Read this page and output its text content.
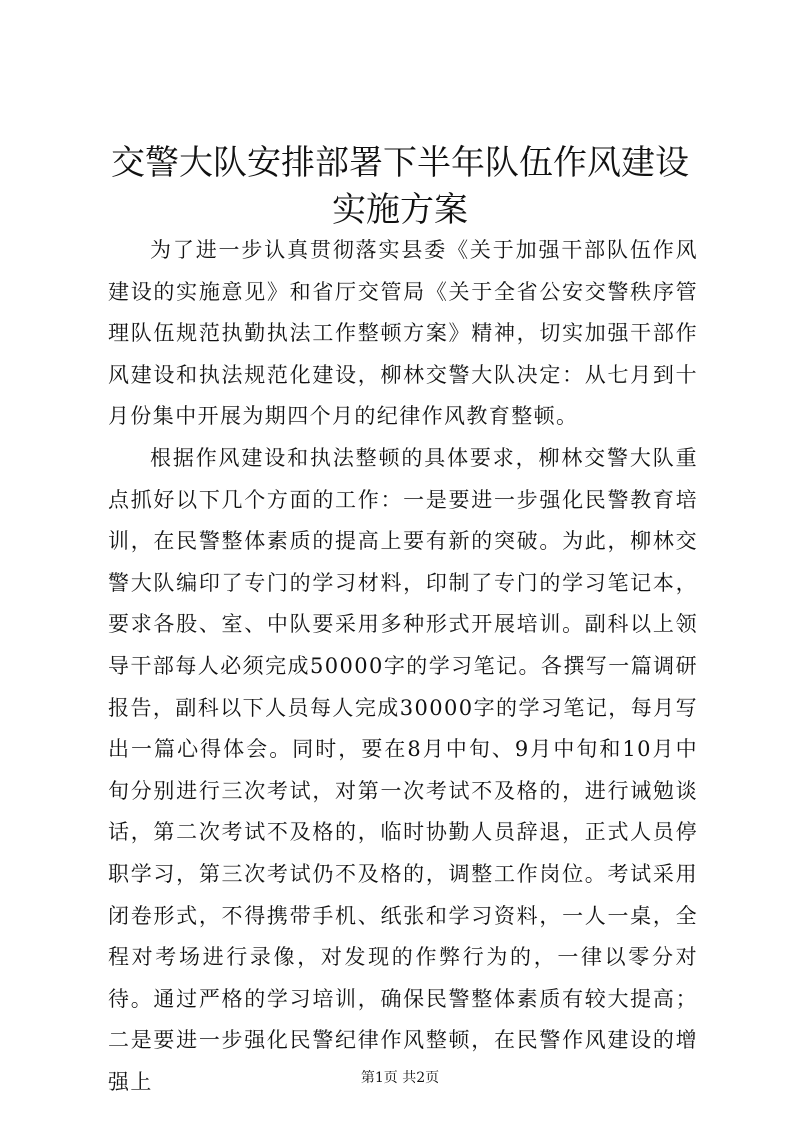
交警大队安排部署下半年队伍作风建设实施方案

为了进一步认真贯彻落实县委《关于加强干部队伍作风建设的实施意见》和省厅交管局《关于全省公安交警秩序管理队伍规范执勤执法工作整顿方案》精神，切实加强干部作风建设和执法规范化建设，柳林交警大队决定：从七月到十月份集中开展为期四个月的纪律作风教育整顿。

根据作风建设和执法整顿的具体要求，柳林交警大队重点抓好以下几个方面的工作：一是要进一步强化民警教育培训，在民警整体素质的提高上要有新的突破。为此，柳林交警大队编印了专门的学习材料，印制了专门的学习笔记本，要求各股、室、中队要采用多种形式开展培训。副科以上领导干部每人必须完成50000字的学习笔记。各撰写一篇调研报告，副科以下人员每人完成30000字的学习笔记，每月写出一篇心得体会。同时，要在8月中旬、9月中旬和10月中旬分别进行三次考试，对第一次考试不及格的，进行诫勉谈话，第二次考试不及格的，临时协勤人员辞退，正式人员停职学习，第三次考试仍不及格的，调整工作岗位。考试采用闭卷形式，不得携带手机、纸张和学习资料，一人一桌，全程对考场进行录像，对发现的作弊行为的，一律以零分对待。通过严格的学习培训，确保民警整体素质有较大提高；二是要进一步强化民警纪律作风整顿，在民警作风建设的增强上	第1页 共2页
